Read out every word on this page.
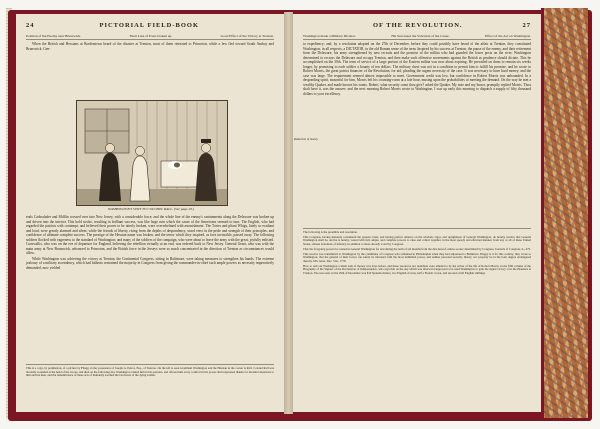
24	PICTORIAL FIELD-BOOK
Position of the Enemy near Brunswick.	Their Line of Posts broken up.	Good Effect of the Victory at Trenton.

When the British and Hessians at Bordentown heard of the disaster at Trenton, most of them retreated to Princeton, while a few fled toward South Amboy and Brunswick. Gen-

WASHINGTON'S VISIT TO COLONEL RALL. (See page 20.)

erals Cadwalader and Mifflin crossed over into New Jersey, with a considerable force, and the whole line of the enemy's cantonments along the Delaware was broken up and driven into the interior. This bold stroke, resulting in brilliant success, was like huge ruin which the cause of the Americans seemed to turn. The English, who had regarded the patriots with contempt, and believed their power to be utterly broken, were overwhelmed with astonishment. The Tories and pliant Whigs, lately so exultant and loud, were greatly alarmed and silent; while the friends of liberty, rising from the depths of despondency, stood erect in the pride and strength of their principles, and confidence of ultimate complete success. The prestige of the Hessian name was broken, and the terror which they inspired, as foes invincible, passed away. The following soldiers flocked with eagerness to the standard of Washington; and many of the soldiers of the campaign, who were about to leave the army with the great, joyfully enlisted. Cornwallis, who was on the eve of departure for England, believing the rebellion virtually at an end, was ordered back to New Jersey. General Grant, who was with the main army at New Brunswick, advanced to Princeton, and the British force in the Jerseys were so much concentrated in the direction of Trenton as circumstances would allow.

While Washington was achieving the victory at Trenton, the Continental Congress, sitting in Baltimore, were taking measures to strengthen his hands. The extreme jealousy of a military ascendency, which had hitherto restrained the majority in Congress from giving the commander-in-chief such ample powers as necessity imperatively demanded, now yielded

This is a copy, by permission, of a picture by Fhagg, in the possession of Joseph G. Peirce, Esq., of Trenton. On the left is seen Gramham Washington and the Hessian in the corner is Rall. Colonel Rall was mortally wounded at the head of his troops, and died on the following day. Washington visited him in his quarters, and offered him every comfort in his power. Rall expressed thanks for the kind attentions to him and his men, and the remembrance of these acts of humanity soothed the last hours of the dying soldier.

OF THE REVOLUTION.	27
Washington made a Military Dictator.	His Successes the Salvation of the Cause.	Effect of the Act on Washington.

to expediency; and, by a resolution adopted on the 27th of December, before they could possibly have heard of the affair at Trenton, they constituted Washington, in all respects, a DICTATOR, in the old Roman sense of the term. Inspired by his success at Trenton, the pause of the enemy, and their retirement from the Delaware; his army strengthened by new recruits and the promise of the militia who had guarded the lower posts on the river, Washington determined to recross the Delaware and occupy Trenton, and then make such offensive movements against the British as prudence should dictate. This he accomplished on the 30th. The term of service of a large portion of the Eastern militia was now about expiring. He prevailed on them to remain six weeks longer, by promising to each soldier a bounty of ten dollars. The military chest was not in a condition to permit him to fulfill his promise, and he wrote to Robert Morris, the great patriot financier of the Revolution, for aid, pleading the urgent necessity of the case. It was necessary to have hard money, and the case was large. The requirement seemed almost impossible to meet. Government credit was low, but confidence in Robert Morris was unbounded. In a desponding spirit, mournful for him, Morris left his counting-room at a late hour, musing upon the probabilities of meeting the demand. On the way he met a wealthy Quaker, and made known his wants. Robert, what security canst thou give? asked the Quaker. My note and my honor, promptly replied Morris. Thou shalt have it, was the answer; and the next morning Robert Morris wrote to Washington, I was up early this morning to dispatch a supply of fifty thousand dollars to your excellency.

Reduction of money.

The following is the preamble and resolution.

This Congress, having maturely considered the present crisis, and having perfect reliance on the wisdom, vigor, and uprightness of General Washington, do hereby resolve that General Washington shall be, and he is hereby, vested with full, ample, and complete powers to raise and collect together, in the most speedy and effectual manner, from any or all of these United States, sixteen battalions of infantry, in addition to those already voted by Congress.

That the foregoing powers be vested in General Washington for and during the term of six months from the date hereof, unless sooner determined by Congress. Journals of Congress, ii., 475.

This resolve was transmitted to Washington by the committee of Congress who remained in Philadelphia when they had adjourned to Baltimore. Happy is it for this country, they wrote to Washington, that the general of their forces can safely be intrusted with the most unlimited power, and neither personal security, liberty, nor property be in the least degree endangered thereby. MS. letter, Dec. 31st, 1776.

How to nail our Washington a small sum of money was days before, and these resources nor doubtless were alluded to by the writer of the life of Robert Morris, in the fifth volume of the Biography of the Signers of the Declaration of Independence, who says that on the day which was afterward supposed to be used Washington to gain the signal victory over the Hessians at Trenton. The note sent on the 29th of December was $19 Spanish dollars, two English crowns, half a French crown, and ten and a half English shillings.
